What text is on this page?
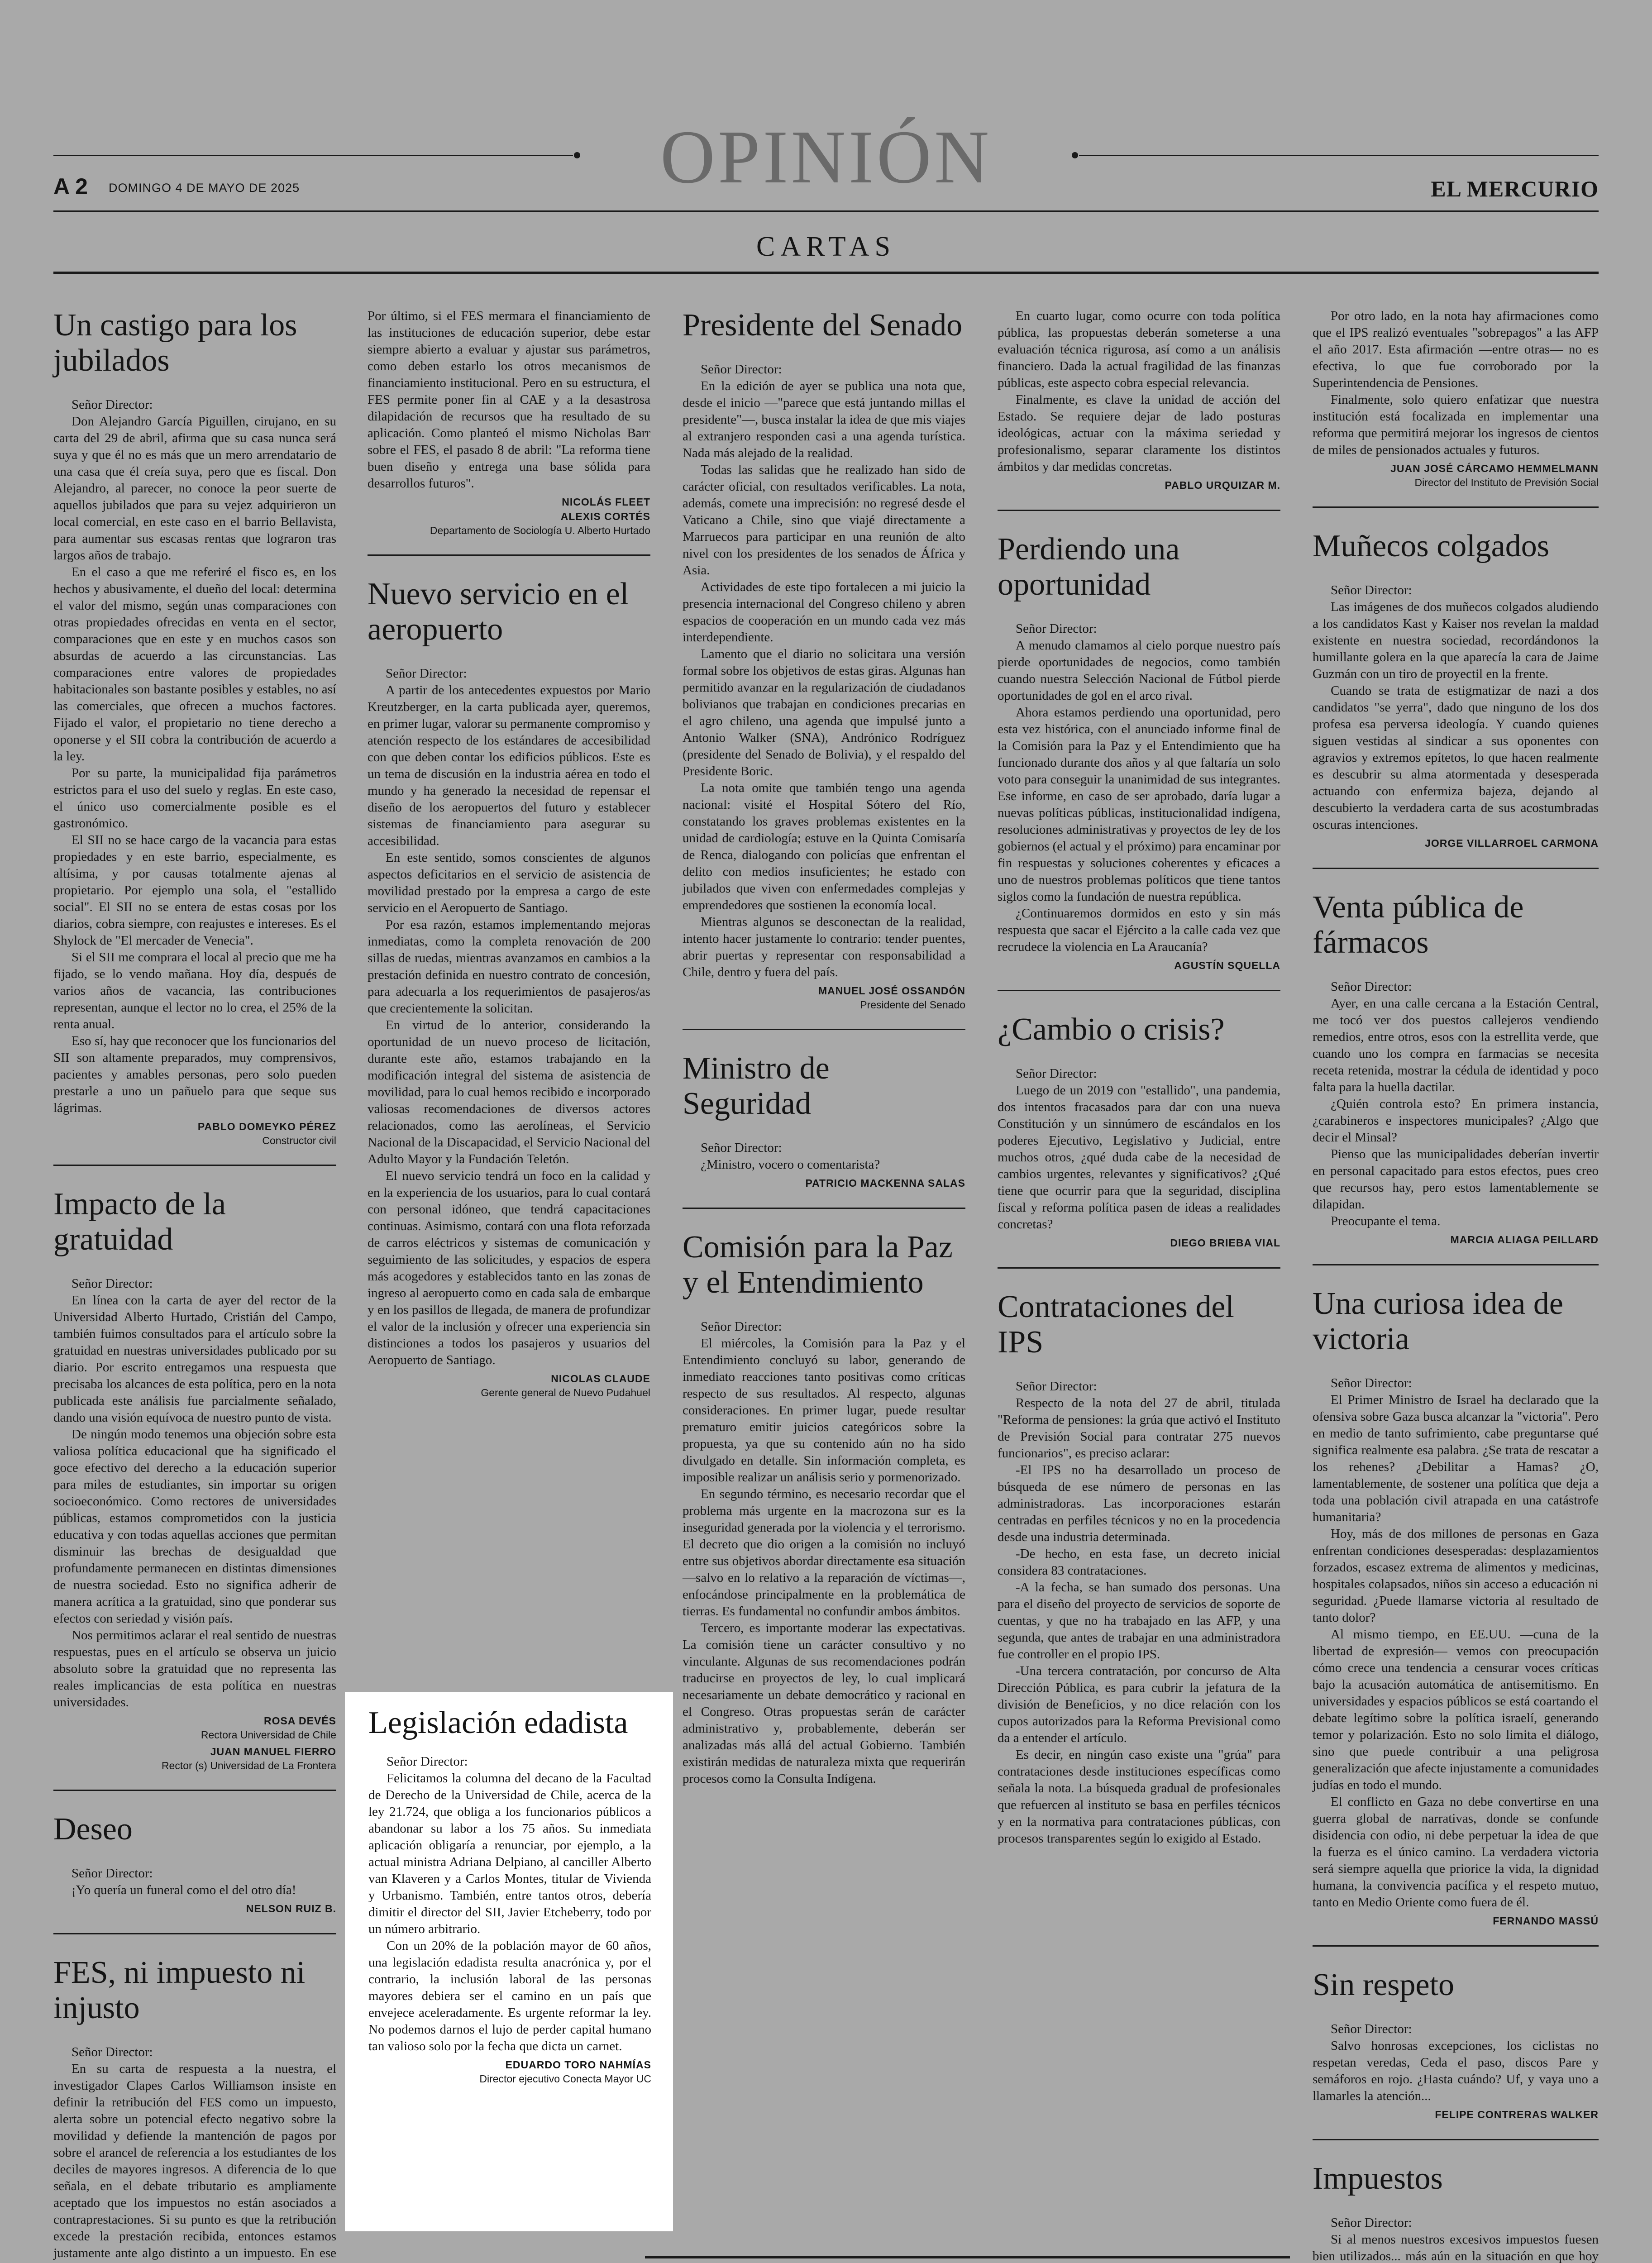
OPINIÓN
A 2 DOMINGO 4 DE MAYO DE 2025	EL MERCURIO
CARTAS
Un castigo para los jubilados

Señor Director:

Don Alejandro García Piguillen, cirujano, en su carta del 29 de abril, afirma que su casa nunca será suya y que él no es más que un mero arrendatario de una casa que él creía suya, pero que es fiscal. Don Alejandro, al parecer, no conoce la peor suerte de aquellos jubilados que para su vejez adquirieron un local comercial, en este caso en el barrio Bellavista, para aumentar sus escasas rentas que lograron tras largos años de trabajo.

En el caso a que me referiré el fisco es, en los hechos y abusivamente, el dueño del local: determina el valor del mismo, según unas comparaciones con otras propiedades ofrecidas en venta en el sector, comparaciones que en este y en muchos casos son absurdas de acuerdo a las circunstancias. Las comparaciones entre valores de propiedades habitacionales son bastante posibles y estables, no así las comerciales, que ofrecen a muchos factores. Fijado el valor, el propietario no tiene derecho a oponerse y el SII cobra la contribución de acuerdo a la ley.

Por su parte, la municipalidad fija parámetros estrictos para el uso del suelo y reglas. En este caso, el único uso comercialmente posible es el gastronómico.

El SII no se hace cargo de la vacancia para estas propiedades y en este barrio, especialmente, es altísima, y por causas totalmente ajenas al propietario. Por ejemplo una sola, el "estallido social". El SII no se entera de estas cosas por los diarios, cobra siempre, con reajustes e intereses. Es el Shylock de "El mercader de Venecia".

Si el SII me comprara el local al precio que me ha fijado, se lo vendo mañana. Hoy día, después de varios años de vacancia, las contribuciones representan, aunque el lector no lo crea, el 25% de la renta anual.

Eso sí, hay que reconocer que los funcionarios del SII son altamente preparados, muy comprensivos, pacientes y amables personas, pero solo pueden prestarle a uno un pañuelo para que seque sus lágrimas.

PABLO DOMEYKO PÉREZ
Constructor civil
Impacto de la gratuidad

Señor Director:

En línea con la carta de ayer del rector de la Universidad Alberto Hurtado, Cristián del Campo, también fuimos consultados para el artículo sobre la gratuidad en nuestras universidades publicado por su diario. Por escrito entregamos una respuesta que precisaba los alcances de esta política, pero en la nota publicada este análisis fue parcialmente señalado, dando una visión equívoca de nuestro punto de vista.

De ningún modo tenemos una objeción sobre esta valiosa política educacional que ha significado el goce efectivo del derecho a la educación superior para miles de estudiantes, sin importar su origen socioeconómico. Como rectores de universidades públicas, estamos comprometidos con la justicia educativa y con todas aquellas acciones que permitan disminuir las brechas de desigualdad que profundamente permanecen en distintas dimensiones de nuestra sociedad. Esto no significa adherir de manera acrítica a la gratuidad, sino que ponderar sus efectos con seriedad y visión país.

Nos permitimos aclarar el real sentido de nuestras respuestas, pues en el artículo se observa un juicio absoluto sobre la gratuidad que no representa las reales implicancias de esta política en nuestras universidades.

ROSA DEVÉS
Rectora Universidad de Chile
JUAN MANUEL FIERRO
Rector (s) Universidad de La Frontera
Deseo

Señor Director:

¡Yo quería un funeral como el del otro día!

NELSON RUIZ B.
FES, ni impuesto ni injusto

Señor Director:

En su carta de respuesta a la nuestra, el investigador Clapes Carlos Williamson insiste en definir la retribución del FES como un impuesto, alerta sobre un potencial efecto negativo sobre la movilidad y defiende la mantención de pagos por sobre el arancel de referencia a los estudiantes de los deciles de mayores ingresos. A diferencia de lo que señala, en el debate tributario es ampliamente aceptado que los impuestos no están asociados a contraprestaciones. Si su punto es que la retribución excede la prestación recibida, entonces estamos justamente ante algo distinto a un impuesto. En ese

Por último, si el FES mermara el financiamiento de las instituciones de educación superior, debe estar siempre abierto a evaluar y ajustar sus parámetros, como deben estarlo los otros mecanismos de financiamiento institucional. Pero en su estructura, el FES permite poner fin al CAE y a la desastrosa dilapidación de recursos que ha resultado de su aplicación. Como planteó el mismo Nicholas Barr sobre el FES, el pasado 8 de abril: "La reforma tiene buen diseño y entrega una base sólida para desarrollos futuros".

NICOLÁS FLEET
ALEXIS CORTÉS
Departamento de Sociología U. Alberto Hurtado
Nuevo servicio en el aeropuerto

Señor Director:

A partir de los antecedentes expuestos por Mario Kreutzberger, en la carta publicada ayer, queremos, en primer lugar, valorar su permanente compromiso y atención respecto de los estándares de accesibilidad con que deben contar los edificios públicos. Este es un tema de discusión en la industria aérea en todo el mundo y ha generado la necesidad de repensar el diseño de los aeropuertos del futuro y establecer sistemas de financiamiento para asegurar su accesibilidad.

En este sentido, somos conscientes de algunos aspectos deficitarios en el servicio de asistencia de movilidad prestado por la empresa a cargo de este servicio en el Aeropuerto de Santiago.

Por esa razón, estamos implementando mejoras inmediatas, como la completa renovación de 200 sillas de ruedas, mientras avanzamos en cambios a la prestación definida en nuestro contrato de concesión, para adecuarla a los requerimientos de pasajeros/as que crecientemente la solicitan.

En virtud de lo anterior, considerando la oportunidad de un nuevo proceso de licitación, durante este año, estamos trabajando en la modificación integral del sistema de asistencia de movilidad, para lo cual hemos recibido e incorporado valiosas recomendaciones de diversos actores relacionados, como las aerolíneas, el Servicio Nacional de la Discapacidad, el Servicio Nacional del Adulto Mayor y la Fundación Teletón.

El nuevo servicio tendrá un foco en la calidad y en la experiencia de los usuarios, para lo cual contará con personal idóneo, que tendrá capacitaciones continuas. Asimismo, contará con una flota reforzada de carros eléctricos y sistemas de comunicación y seguimiento de las solicitudes, y espacios de espera más acogedores y establecidos tanto en las zonas de ingreso al aeropuerto como en cada sala de embarque y en los pasillos de llegada, de manera de profundizar el valor de la inclusión y ofrecer una experiencia sin distinciones a todos los pasajeros y usuarios del Aeropuerto de Santiago.

NICOLAS CLAUDE
Gerente general de Nuevo Pudahuel
Legislación edadista

Señor Director:

Felicitamos la columna del decano de la Facultad de Derecho de la Universidad de Chile, acerca de la ley 21.724, que obliga a los funcionarios públicos a abandonar su labor a los 75 años. Su inmediata aplicación obligaría a renunciar, por ejemplo, a la actual ministra Adriana Delpiano, al canciller Alberto van Klaveren y a Carlos Montes, titular de Vivienda y Urbanismo. También, entre tantos otros, debería dimitir el director del SII, Javier Etcheberry, todo por un número arbitrario.

Con un 20% de la población mayor de 60 años, una legislación edadista resulta anacrónica y, por el contrario, la inclusión laboral de las personas mayores debiera ser el camino en un país que envejece aceleradamente. Es urgente reformar la ley. No podemos darnos el lujo de perder capital humano tan valioso solo por la fecha que dicta un carnet.

EDUARDO TORO NAHMÍAS
Director ejecutivo Conecta Mayor UC
Presidente del Senado

Señor Director:

En la edición de ayer se publica una nota que, desde el inicio —"parece que está juntando millas el presidente"—, busca instalar la idea de que mis viajes al extranjero responden casi a una agenda turística. Nada más alejado de la realidad.

Todas las salidas que he realizado han sido de carácter oficial, con resultados verificables. La nota, además, comete una imprecisión: no regresé desde el Vaticano a Chile, sino que viajé directamente a Marruecos para participar en una reunión de alto nivel con los presidentes de los senados de África y Asia.

Actividades de este tipo fortalecen a mi juicio la presencia internacional del Congreso chileno y abren espacios de cooperación en un mundo cada vez más interdependiente.

Lamento que el diario no solicitara una versión formal sobre los objetivos de estas giras. Algunas han permitido avanzar en la regularización de ciudadanos bolivianos que trabajan en condiciones precarias en el agro chileno, una agenda que impulsé junto a Antonio Walker (SNA), Andrónico Rodríguez (presidente del Senado de Bolivia), y el respaldo del Presidente Boric.

La nota omite que también tengo una agenda nacional: visité el Hospital Sótero del Río, constatando los graves problemas existentes en la unidad de cardiología; estuve en la Quinta Comisaría de Renca, dialogando con policías que enfrentan el delito con medios insuficientes; he estado con jubilados que viven con enfermedades complejas y emprendedores que sostienen la economía local.

Mientras algunos se desconectan de la realidad, intento hacer justamente lo contrario: tender puentes, abrir puertas y representar con responsabilidad a Chile, dentro y fuera del país.

MANUEL JOSÉ OSSANDÓN
Presidente del Senado
Ministro de Seguridad

Señor Director:

¿Ministro, vocero o comentarista?

PATRICIO MACKENNA SALAS
Comisión para la Paz y el Entendimiento

Señor Director:

El miércoles, la Comisión para la Paz y el Entendimiento concluyó su labor, generando de inmediato reacciones tanto positivas como críticas respecto de sus resultados. Al respecto, algunas consideraciones. En primer lugar, puede resultar prematuro emitir juicios categóricos sobre la propuesta, ya que su contenido aún no ha sido divulgado en detalle. Sin información completa, es imposible realizar un análisis serio y pormenorizado.

En segundo término, es necesario recordar que el problema más urgente en la macrozona sur es la inseguridad generada por la violencia y el terrorismo. El decreto que dio origen a la comisión no incluyó entre sus objetivos abordar directamente esa situación —salvo en lo relativo a la reparación de víctimas—, enfocándose principalmente en la problemática de tierras. Es fundamental no confundir ambos ámbitos.

Tercero, es importante moderar las expectativas. La comisión tiene un carácter consultivo y no vinculante. Algunas de sus recomendaciones podrán traducirse en proyectos de ley, lo cual implicará necesariamente un debate democrático y racional en el Congreso. Otras propuestas serán de carácter administrativo y, probablemente, deberán ser analizadas más allá del actual Gobierno. También existirán medidas de naturaleza mixta que requerirán procesos como la Consulta Indígena.

En cuarto lugar, como ocurre con toda política pública, las propuestas deberán someterse a una evaluación técnica rigurosa, así como a un análisis financiero. Dada la actual fragilidad de las finanzas públicas, este aspecto cobra especial relevancia.

Finalmente, es clave la unidad de acción del Estado. Se requiere dejar de lado posturas ideológicas, actuar con la máxima seriedad y profesionalismo, separar claramente los distintos ámbitos y dar medidas concretas.

PABLO URQUIZAR M.
Perdiendo una oportunidad

Señor Director:

A menudo clamamos al cielo porque nuestro país pierde oportunidades de negocios, como también cuando nuestra Selección Nacional de Fútbol pierde oportunidades de gol en el arco rival.

Ahora estamos perdiendo una oportunidad, pero esta vez histórica, con el anunciado informe final de la Comisión para la Paz y el Entendimiento que ha funcionado durante dos años y al que faltaría un solo voto para conseguir la unanimidad de sus integrantes. Ese informe, en caso de ser aprobado, daría lugar a nuevas políticas públicas, institucionalidad indígena, resoluciones administrativas y proyectos de ley de los gobiernos (el actual y el próximo) para encaminar por fin respuestas y soluciones coherentes y eficaces a uno de nuestros problemas políticos que tiene tantos siglos como la fundación de nuestra república.

¿Continuaremos dormidos en esto y sin más respuesta que sacar el Ejército a la calle cada vez que recrudece la violencia en La Araucanía?

AGUSTÍN SQUELLA
¿Cambio o crisis?

Señor Director:

Luego de un 2019 con "estallido", una pandemia, dos intentos fracasados para dar con una nueva Constitución y un sinnúmero de escándalos en los poderes Ejecutivo, Legislativo y Judicial, entre muchos otros, ¿qué duda cabe de la necesidad de cambios urgentes, relevantes y significativos? ¿Qué tiene que ocurrir para que la seguridad, disciplina fiscal y reforma política pasen de ideas a realidades concretas?

DIEGO BRIEBA VIAL
Contrataciones del IPS

Señor Director:

Respecto de la nota del 27 de abril, titulada "Reforma de pensiones: la grúa que activó el Instituto de Previsión Social para contratar 275 nuevos funcionarios", es preciso aclarar:

-El IPS no ha desarrollado un proceso de búsqueda de ese número de personas en las administradoras. Las incorporaciones estarán centradas en perfiles técnicos y no en la procedencia desde una industria determinada.

-De hecho, en esta fase, un decreto inicial considera 83 contrataciones.

-A la fecha, se han sumado dos personas. Una para el diseño del proyecto de servicios de soporte de cuentas, y que no ha trabajado en las AFP, y una segunda, que antes de trabajar en una administradora fue controller en el propio IPS.

-Una tercera contratación, por concurso de Alta Dirección Pública, es para cubrir la jefatura de la división de Beneficios, y no dice relación con los cupos autorizados para la Reforma Previsional como da a entender el artículo.

Es decir, en ningún caso existe una "grúa" para contrataciones desde instituciones específicas como señala la nota. La búsqueda gradual de profesionales que refuercen al instituto se basa en perfiles técnicos y en la normativa para contrataciones públicas, con procesos transparentes según lo exigido al Estado.

Por otro lado, en la nota hay afirmaciones como que el IPS realizó eventuales "sobrepagos" a las AFP el año 2017. Esta afirmación —entre otras— no es efectiva, lo que fue corroborado por la Superintendencia de Pensiones.

Finalmente, solo quiero enfatizar que nuestra institución está focalizada en implementar una reforma que permitirá mejorar los ingresos de cientos de miles de pensionados actuales y futuros.

JUAN JOSÉ CÁRCAMO HEMMELMANN
Director del Instituto de Previsión Social
Muñecos colgados

Señor Director:

Las imágenes de dos muñecos colgados aludiendo a los candidatos Kast y Kaiser nos revelan la maldad existente en nuestra sociedad, recordándonos la humillante golera en la que aparecía la cara de Jaime Guzmán con un tiro de proyectil en la frente.

Cuando se trata de estigmatizar de nazi a dos candidatos "se yerra", dado que ninguno de los dos profesa esa perversa ideología. Y cuando quienes siguen vestidas al sindicar a sus oponentes con agravios y extremos epítetos, lo que hacen realmente es descubrir su alma atormentada y desesperada actuando con enfermiza bajeza, dejando al descubierto la verdadera carta de sus acostumbradas oscuras intenciones.

JORGE VILLARROEL CARMONA
Venta pública de fármacos

Señor Director:

Ayer, en una calle cercana a la Estación Central, me tocó ver dos puestos callejeros vendiendo remedios, entre otros, esos con la estrellita verde, que cuando uno los compra en farmacias se necesita receta retenida, mostrar la cédula de identidad y poco falta para la huella dactilar.

¿Quién controla esto? En primera instancia, ¿carabineros e inspectores municipales? ¿Algo que decir el Minsal?

Pienso que las municipalidades deberían invertir en personal capacitado para estos efectos, pues creo que recursos hay, pero estos lamentablemente se dilapidan.

Preocupante el tema.

MARCIA ALIAGA PEILLARD
Una curiosa idea de victoria

Señor Director:

El Primer Ministro de Israel ha declarado que la ofensiva sobre Gaza busca alcanzar la "victoria". Pero en medio de tanto sufrimiento, cabe preguntarse qué significa realmente esa palabra. ¿Se trata de rescatar a los rehenes? ¿Debilitar a Hamas? ¿O, lamentablemente, de sostener una política que deja a toda una población civil atrapada en una catástrofe humanitaria?

Hoy, más de dos millones de personas en Gaza enfrentan condiciones desesperadas: desplazamientos forzados, escasez extrema de alimentos y medicinas, hospitales colapsados, niños sin acceso a educación ni seguridad. ¿Puede llamarse victoria al resultado de tanto dolor?

Al mismo tiempo, en EE.UU. —cuna de la libertad de expresión— vemos con preocupación cómo crece una tendencia a censurar voces críticas bajo la acusación automática de antisemitismo. En universidades y espacios públicos se está coartando el debate legítimo sobre la política israelí, generando temor y polarización. Esto no solo limita el diálogo, sino que puede contribuir a una peligrosa generalización que afecte injustamente a comunidades judías en todo el mundo.

El conflicto en Gaza no debe convertirse en una guerra global de narrativas, donde se confunde disidencia con odio, ni debe perpetuar la idea de que la fuerza es el único camino. La verdadera victoria será siempre aquella que priorice la vida, la dignidad humana, la convivencia pacífica y el respeto mutuo, tanto en Medio Oriente como fuera de él.

FERNANDO MASSÚ
Sin respeto

Señor Director:

Salvo honrosas excepciones, los ciclistas no respetan veredas, Ceda el paso, discos Pare y semáforos en rojo. ¿Hasta cuándo? Uf, y vaya uno a llamarles la atención...

FELIPE CONTRERAS WALKER
Impuestos

Señor Director:

Si al menos nuestros excesivos impuestos fuesen bien utilizados... más aún en la situación en que hoy
